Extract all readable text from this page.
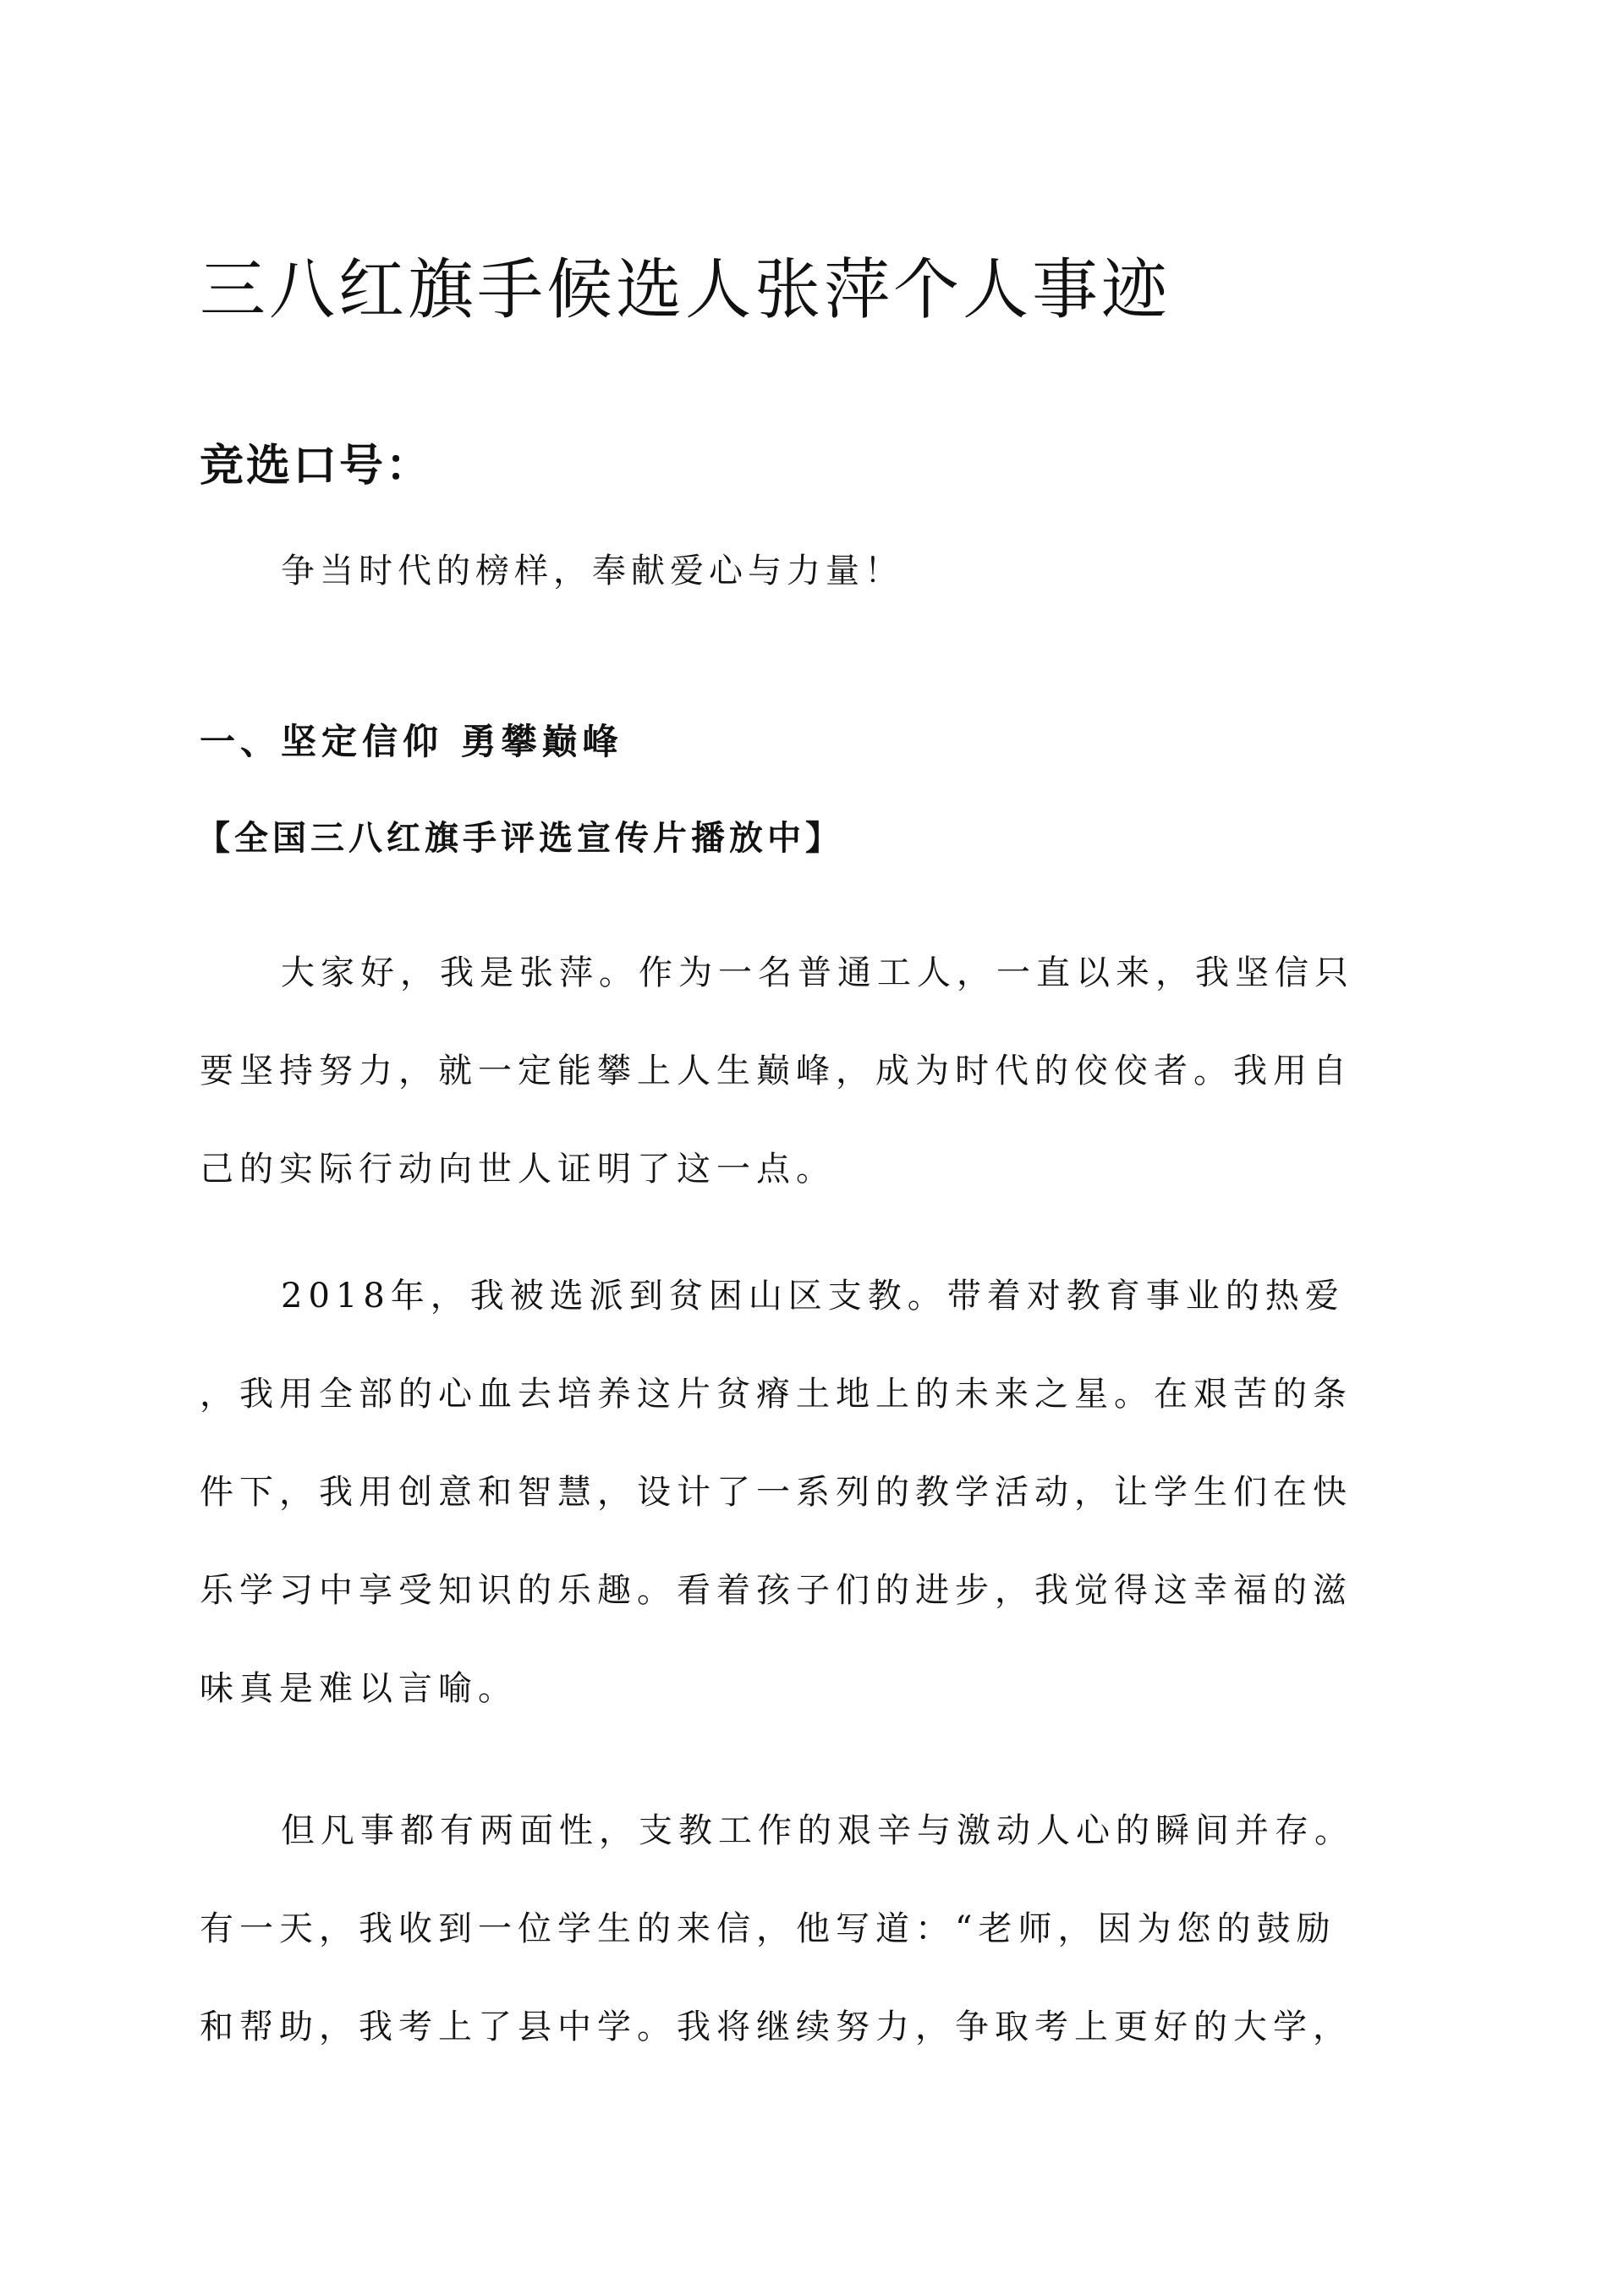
三八红旗手候选人张萍个人事迹
竞选口号：
争当时代的榜样，奉献爱心与力量！
一、坚定信仰 勇攀巅峰
【全国三八红旗手评选宣传片播放中】
大家好，我是张萍。作为一名普通工人，一直以来，我坚信只
要坚持努力，就一定能攀上人生巅峰，成为时代的佼佼者。我用自
己的实际行动向世人证明了这一点。
2018年，我被选派到贫困山区支教。带着对教育事业的热爱
，我用全部的心血去培养这片贫瘠土地上的未来之星。在艰苦的条
件下，我用创意和智慧，设计了一系列的教学活动，让学生们在快
乐学习中享受知识的乐趣。看着孩子们的进步，我觉得这幸福的滋
味真是难以言喻。
但凡事都有两面性，支教工作的艰辛与激动人心的瞬间并存。
有一天，我收到一位学生的来信，他写道：“老师，因为您的鼓励
和帮助，我考上了县中学。我将继续努力，争取考上更好的大学，
